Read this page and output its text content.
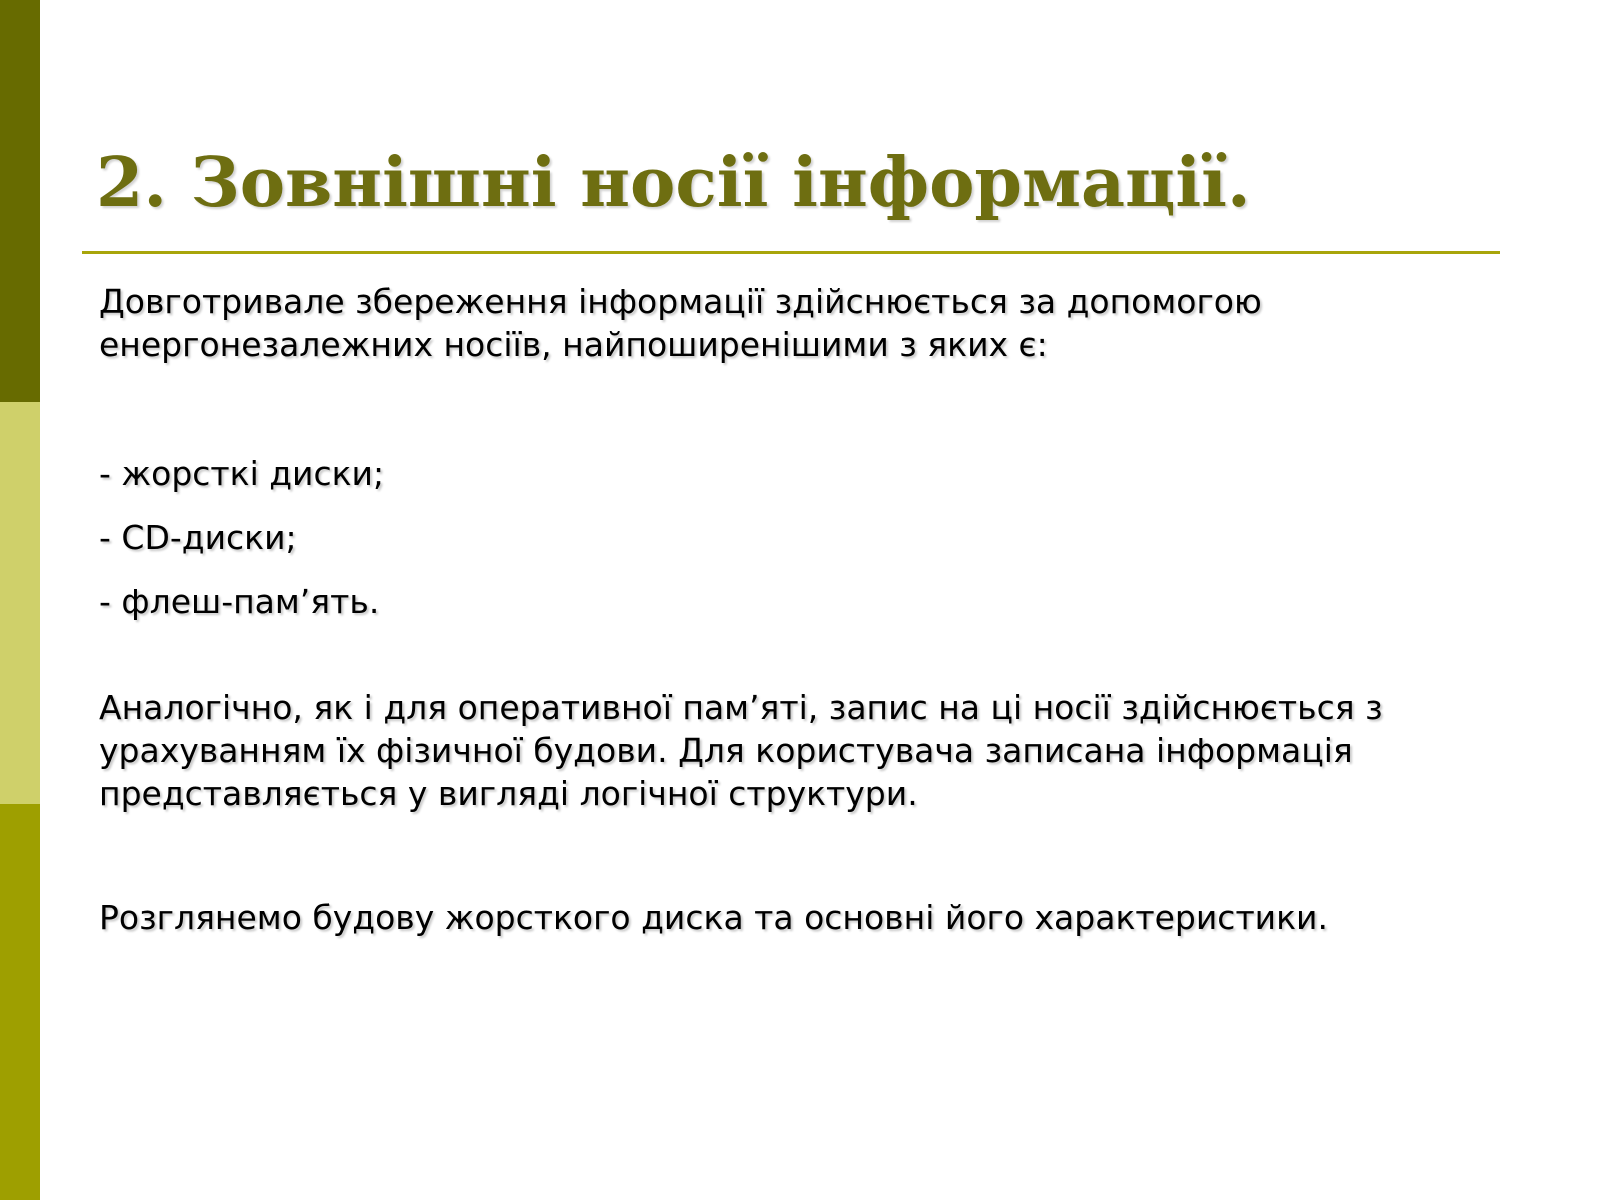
2. Зовнішні носії інформації.

Довготривале збереження інформації здійснюється за допомогою енергонезалежних носіїв, найпоширенішими з яких є:

- жорсткі диски;

- CD-диски;

- флеш-пам’ять.

Аналогічно, як і для оперативної пам’яті, запис на ці носії здійснюється з
урахуванням їх фізичної будови. Для користувача записана інформація
представляється у вигляді логічної структури.

Розглянемо будову жорсткого диска та основні його характеристики.
